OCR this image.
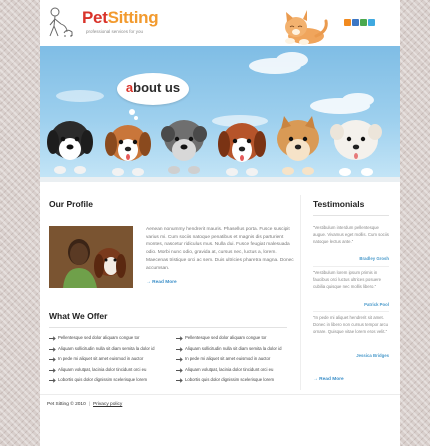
PetSitting
professional services for you
about us
Our Profile
Aenean nonummy hendrerit mauris. Phasellus porta. Fusce suscipit varius mi. Cum sociis natoque penatibus et magnis dis parturient montes, nascetur ridiculus mus. Nulla dui. Fusce feugiat malesuada odio. Morbi nunc odio, gravida at, cursus nec, luctus a, lorem. Maecenas tristique orci ac sem. Duis ultricies pharetra magna. Donec accumsan.
→ Read More
What We Offer
Pellentesque sed dolor aliquam congue tor
Aliquam sollicitudin nulla sit diam semita la dolor id
In pede mi aliquet sit amet euismod in auctor
Aliquam volutpat, lacinia dolor tincidunt orci eu
Lobortis quis dolor dignissim scelerisque lorem
Pellentesque sed dolor aliquam congue tor
Aliquam sollicitudin nulla sit diam semita la dolor id
In pede mi aliquet sit amet euismod in auctor
Aliquam volutpat, lacinia dolor tincidunt orci eu
Lobortis quis dolor dignissim scelerisque lorem
Testimonials
“Vestibulum interdum pellentesque augue. Vivamus eget mollis. Cum sociis natoque lectus ante.”
Bradley Grosh
“Vestibulum lorem ipsum primis in faucibus orci luctus ultrices posuere cubilia quisque nec mollis libero.”
Patrick Pool
“In pede mi aliquet hendrerit sit amet. Donec in libero non cursus tempor arcu ornare. Quisque vitae lorem eros velit.”
Jessica Bridges
→ Read More
Pet Sitting © 2010 | Privacy policy
